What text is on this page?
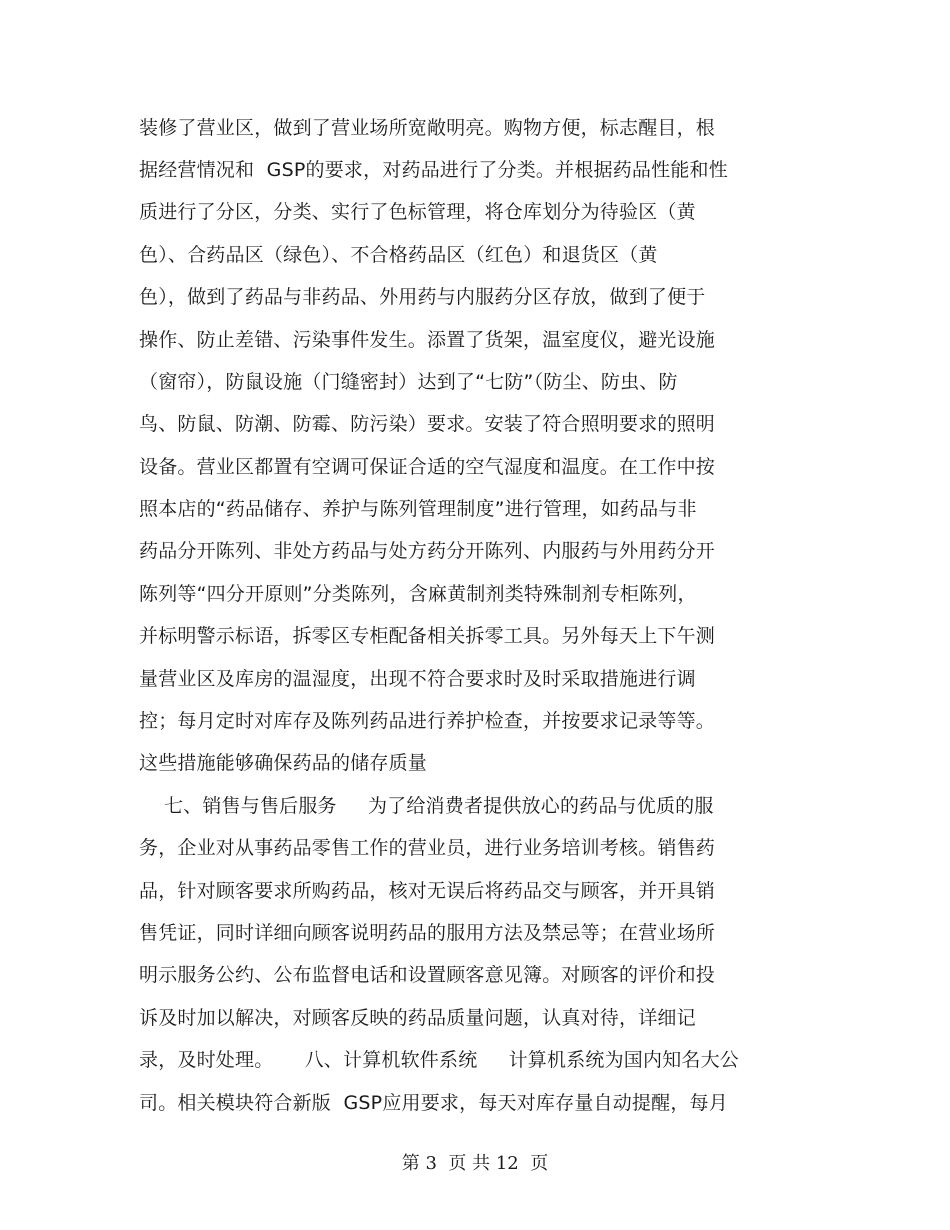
装修了营业区，做到了营业场所宽敞明亮。购物方便，标志醒目，根
据经营情况和  GSP的要求，对药品进行了分类。并根据药品性能和性
质进行了分区，分类、实行了色标管理，将仓库划分为待验区（黄
色）、合药品区（绿色）、不合格药品区（红色）和退货区（黄
色），做到了药品与非药品、外用药与内服药分区存放，做到了便于
操作、防止差错、污染事件发生。添置了货架，温室度仪，避光设施
（窗帘），防鼠设施（门缝密封）达到了“七防”（防尘、防虫、防
鸟、防鼠、防潮、防霉、防污染）要求。安装了符合照明要求的照明
设备。营业区都置有空调可保证合适的空气湿度和温度。在工作中按
照本店的“药品储存、养护与陈列管理制度”进行管理，如药品与非
药品分开陈列、非处方药品与处方药分开陈列、内服药与外用药分开
陈列等“四分开原则”分类陈列，含麻黄制剂类特殊制剂专柜陈列，
并标明警示标语，拆零区专柜配备相关拆零工具。另外每天上下午测
量营业区及库房的温湿度，出现不符合要求时及时采取措施进行调
控；每月定时对库存及陈列药品进行养护检查，并按要求记录等等。
这些措施能够确保药品的储存质量
七、销售与售后服务     为了给消费者提供放心的药品与优质的服
务，企业对从事药品零售工作的营业员，进行业务培训考核。销售药
品，针对顾客要求所购药品，核对无误后将药品交与顾客，并开具销
售凭证，同时详细向顾客说明药品的服用方法及禁忌等；在营业场所
明示服务公约、公布监督电话和设置顾客意见簿。对顾客的评价和投
诉及时加以解决，对顾客反映的药品质量问题，认真对待，详细记
录，及时处理。     八、计算机软件系统     计算机系统为国内知名大公
司。相关模块符合新版  GSP应用要求，每天对库存量自动提醒，每月
第 3  页 共 12  页
